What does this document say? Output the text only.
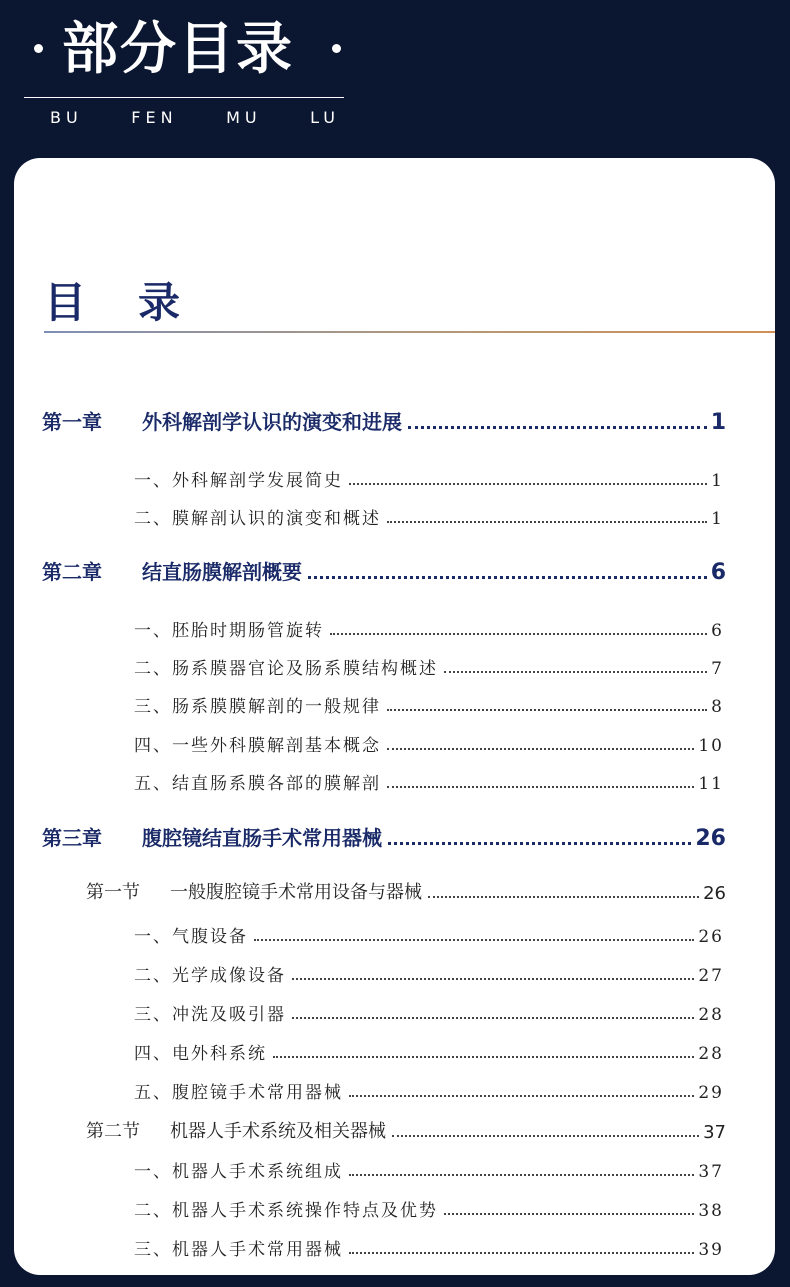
部分目录
BU	FEN	MU	LU
目录
第一章 外科解剖学认识的演变和进展	1
一、外科解剖学发展简史	1
二、膜解剖认识的演变和概述	1
第二章 结直肠膜解剖概要	6
一、胚胎时期肠管旋转	6
二、肠系膜器官论及肠系膜结构概述	7
三、肠系膜膜解剖的一般规律	8
四、一些外科膜解剖基本概念	10
五、结直肠系膜各部的膜解剖	11
第三章 腹腔镜结直肠手术常用器械	26
第一节 一般腹腔镜手术常用设备与器械	26
一、气腹设备	26
二、光学成像设备	27
三、冲洗及吸引器	28
四、电外科系统	28
五、腹腔镜手术常用器械	29
第二节 机器人手术系统及相关器械	37
一、机器人手术系统组成	37
二、机器人手术系统操作特点及优势	38
三、机器人手术常用器械	39
